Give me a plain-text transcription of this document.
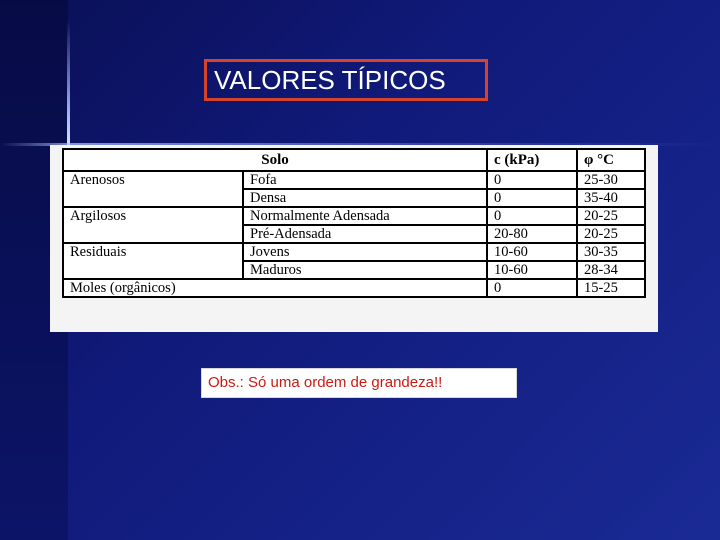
VALORES TÍPICOS
Solo		c (kPa)	φ °C
Arenosos	Fofa	0	25-30
	Densa	0	35-40
Argilosos	Normalmente Adensada	0	20-25
	Pré-Adensada	20-80	20-25
Residuais	Jovens	10-60	30-35
	Maduros	10-60	28-34
Moles (orgânicos)		0	15-25
Obs.: Só uma ordem de grandeza!!
